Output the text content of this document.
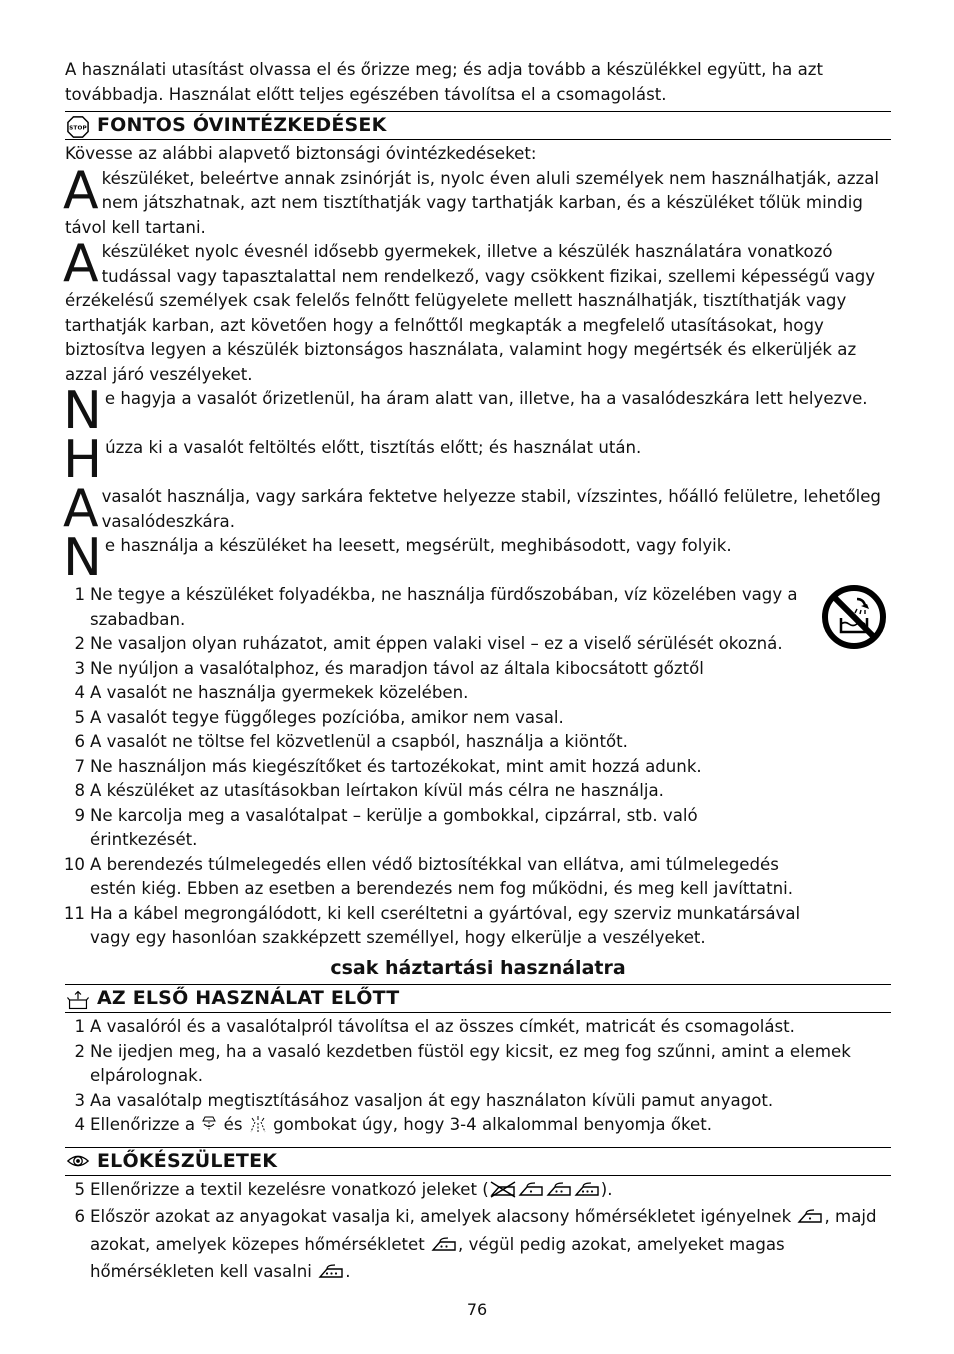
A használati utasítást olvassa el és őrizze meg; és adja tovább a készülékkel együtt, ha azt továbbadja. Használat előtt teljes egészében távolítsa el a csomagolást.

STOP FONTOS ÓVINTÉZKEDÉSEK

Kövesse az alábbi alapvető biztonsági óvintézkedéseket:

A készüléket, beleértve annak zsinórját is, nyolc éven aluli személyek nem használhatják, azzal nem játszhatnak, azt nem tisztíthatják vagy tarthatják karban, és a készüléket tőlük mindig távol kell tartani.
A készüléket nyolc évesnél idősebb gyermekek, illetve a készülék használatára vonatkozó tudással vagy tapasztalattal nem rendelkező, vagy csökkent fizikai, szellemi képességű vagy érzékelésű személyek csak felelős felnőtt felügyelete mellett használhatják, tisztíthatják vagy tarthatják karban, azt követően hogy a felnőttől megkapták a megfelelő utasításokat, hogy biztosítva legyen a készülék biztonságos használata, valamint hogy megértsék és elkerüljék az azzal járó veszélyeket.
N e hagyja a vasalót őrizetlenül, ha áram alatt van, illetve, ha a vasalódeszkára lett helyezve.
H úzza ki a vasalót feltöltés előtt, tisztítás előtt; és használat után.
A vasalót használja, vagy sarkára fektetve helyezze stabil, vízszintes, hőálló felületre, lehetőleg vasalódeszkára.
N e használja a készüléket ha leesett, megsérült, meghibásodott, vagy folyik.
1 Ne tegye a készüléket folyadékba, ne használja fürdőszobában, víz közelében vagy a szabadban.
2 Ne vasaljon olyan ruházatot, amit éppen valaki visel – ez a viselő sérülését okozná.
3 Ne nyúljon a vasalótalphoz, és maradjon távol az általa kibocsátott gőztől
4 A vasalót ne használja gyermekek közelében.
5 A vasalót tegye függőleges pozícióba, amikor nem vasal.
6 A vasalót ne töltse fel közvetlenül a csapból, használja a kiöntőt.
7 Ne használjon más kiegészítőket és tartozékokat, mint amit hozzá adunk.
8 A készüléket az utasításokban leírtakon kívül más célra ne használja.
9 Ne karcolja meg a vasalótalpat – kerülje a gombokkal, cipzárral, stb. való érintkezését.
10 A berendezés túlmelegedés ellen védő biztosítékkal van ellátva, ami túlmelegedés estén kiég. Ebben az esetben a berendezés nem fog működni, és meg kell javíttatni.
11 Ha a kábel megrongálódott, ki kell cseréltetni a gyártóval, egy szerviz munkatársával vagy egy hasonlóan szakképzett személlyel, hogy elkerülje a veszélyeket.

csak háztartási használatra

AZ ELSŐ HASZNÁLAT ELŐTT
1 A vasalóról és a vasalótalpról távolítsa el az összes címkét, matricát és csomagolást.
2 Ne ijedjen meg, ha a vasaló kezdetben füstöl egy kicsit, ez meg fog szűnni, amint a elemek elpárolognak.
3 Aa vasalótalp megtisztításához vasaljon át egy használaton kívüli pamut anyagot.
4 Ellenőrizze a és gombokat úgy, hogy 3-4 alkalommal benyomja őket.
ELŐKÉSZÜLETEK
5 Ellenőrizze a textil kezelésre vonatkozó jeleket (	).
6 Először azokat az anyagokat vasalja ki, amelyek alacsony hőmérsékletet igényelnek , majd azokat, amelyek közepes hőmérsékletet , végül pedig azokat, amelyeket magas hőmérsékleten kell vasalni .
76
